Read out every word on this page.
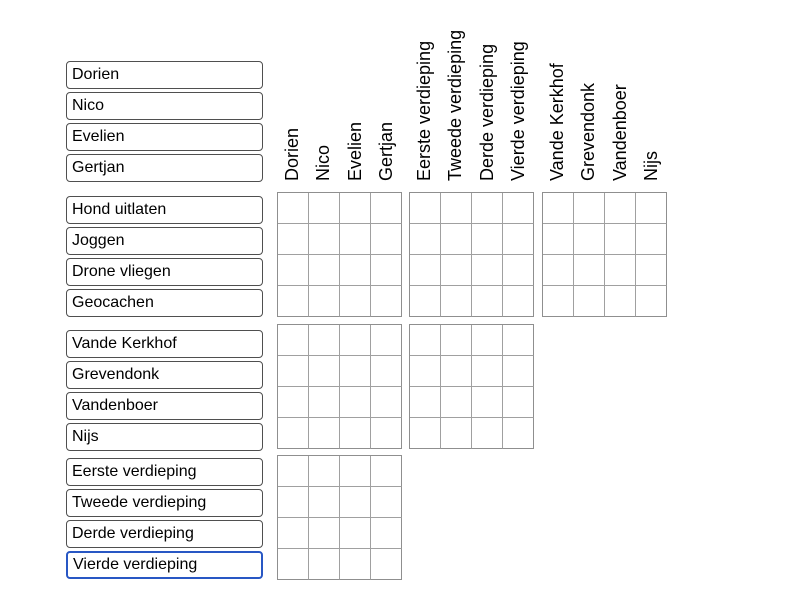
Dorien
Nico
Evelien
Gertjan
Hond uitlaten
Joggen
Drone vliegen
Geocachen
Vande Kerkhof
Grevendonk
Vandenboer
Nijs
Eerste verdieping
Tweede verdieping
Derde verdieping
Vierde verdieping
Dorien Nico Evelien Gertjan	Eerste verdieping Tweede verdieping Derde verdieping Vierde verdieping	Vande Kerkhof Grevendonk Vandenboer Nijs
